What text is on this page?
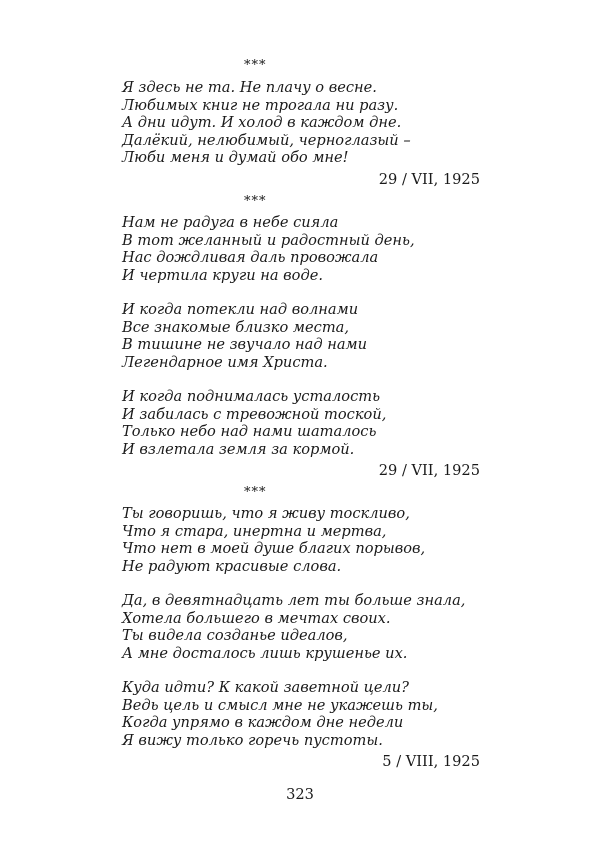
***
Я здесь не та. Не плачу о весне.
Любимых книг не трогала ни разу.
А дни идут. И холод в каждом дне.
Далёкий, нелюбимый, черноглазый –
Люби меня и думай обо мне!
29 / VII, 1925
***
Нам не радуга в небе сияла
В тот желанный и радостный день,
Нас дождливая даль провожала
И чертила круги на воде.
И когда потекли над волнами
Все знакомые близко места,
В тишине не звучало над нами
Легендарное имя Христа.
И когда поднималась усталость
И забилась с тревожной тоской,
Только небо над нами шаталось
И взлетала земля за кормой.
29 / VII, 1925
***
Ты говоришь, что я живу тоскливо,
Что я стара, инертна и мертва,
Что нет в моей душе благих порывов,
Не радуют красивые слова.
Да, в девятнадцать лет ты больше знала,
Хотела большего в мечтах своих.
Ты видела созданье идеалов,
А мне досталось лишь крушенье их.
Куда идти? К какой заветной цели?
Ведь цель и смысл мне не укажешь ты,
Когда упрямо в каждом дне недели
Я вижу только горечь пустоты.
5 / VIII, 1925
323
